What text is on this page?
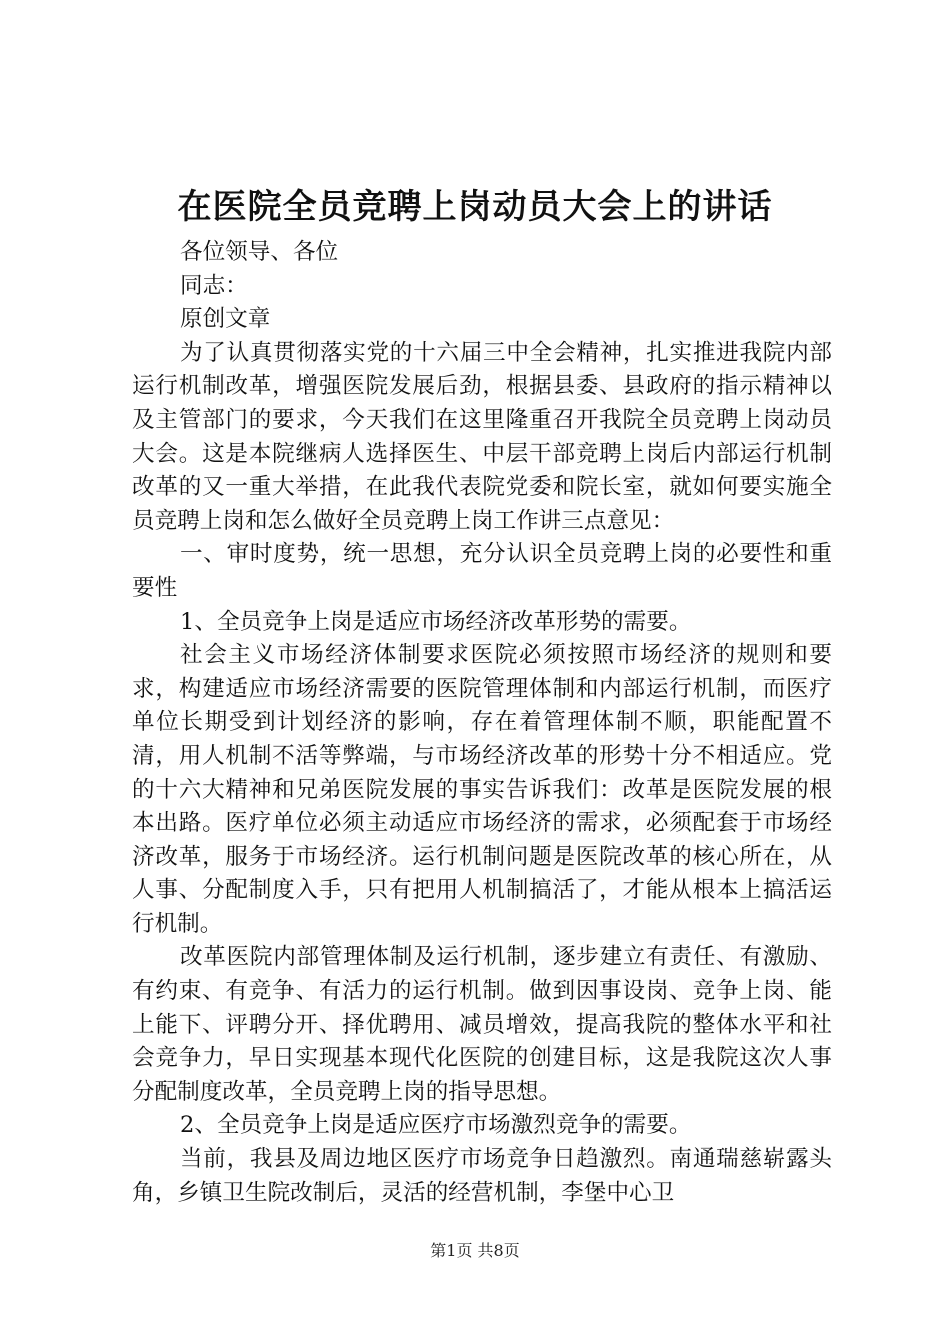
在医院全员竞聘上岗动员大会上的讲话

各位领导、各位

同志：

原创文章

为了认真贯彻落实党的十六届三中全会精神，扎实推进我院内部运行机制改革，增强医院发展后劲，根据县委、县政府的指示精神以及主管部门的要求，今天我们在这里隆重召开我院全员竞聘上岗动员大会。这是本院继病人选择医生、中层干部竞聘上岗后内部运行机制改革的又一重大举措，在此我代表院党委和院长室，就如何要实施全员竞聘上岗和怎么做好全员竞聘上岗工作讲三点意见：

一、审时度势，统一思想，充分认识全员竞聘上岗的必要性和重要性

1、全员竞争上岗是适应市场经济改革形势的需要。

社会主义市场经济体制要求医院必须按照市场经济的规则和要求，构建适应市场经济需要的医院管理体制和内部运行机制，而医疗单位长期受到计划经济的影响，存在着管理体制不顺，职能配置不清，用人机制不活等弊端，与市场经济改革的形势十分不相适应。党的十六大精神和兄弟医院发展的事实告诉我们：改革是医院发展的根本出路。医疗单位必须主动适应市场经济的需求，必须配套于市场经济改革，服务于市场经济。运行机制问题是医院改革的核心所在，从人事、分配制度入手，只有把用人机制搞活了，才能从根本上搞活运行机制。

改革医院内部管理体制及运行机制，逐步建立有责任、有激励、有约束、有竞争、有活力的运行机制。做到因事设岗、竞争上岗、能上能下、评聘分开、择优聘用、减员增效，提高我院的整体水平和社会竞争力，早日实现基本现代化医院的创建目标，这是我院这次人事分配制度改革，全员竞聘上岗的指导思想。

2、全员竞争上岗是适应医疗市场激烈竞争的需要。

当前，我县及周边地区医疗市场竞争日趋激烈。南通瑞慈崭露头角，乡镇卫生院改制后，灵活的经营机制，李堡中心卫

第1页 共8页
